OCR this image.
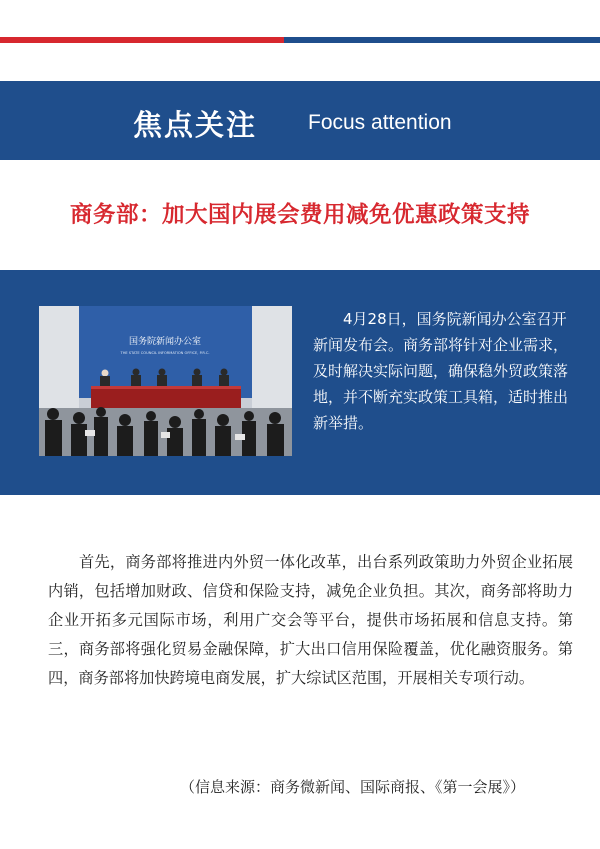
焦点关注 Focus attention
商务部：加大国内展会费用减免优惠政策支持
国务院新闻办公室
THE STATE COUNCIL INFORMATION OFFICE, P.R.C.
4月28日，国务院新闻办公室召开新闻发布会。商务部将针对企业需求，及时解决实际问题，确保稳外贸政策落地，并不断充实政策工具箱，适时推出新举措。
首先，商务部将推进内外贸一体化改革，出台系列政策助力外贸企业拓展内销，包括增加财政、信贷和保险支持，减免企业负担。其次，商务部将助力企业开拓多元国际市场，利用广交会等平台，提供市场拓展和信息支持。第三，商务部将强化贸易金融保障，扩大出口信用保险覆盖，优化融资服务。第四，商务部将加快跨境电商发展，扩大综试区范围，开展相关专项行动。
（信息来源：商务微新闻、国际商报、《第一会展》）
